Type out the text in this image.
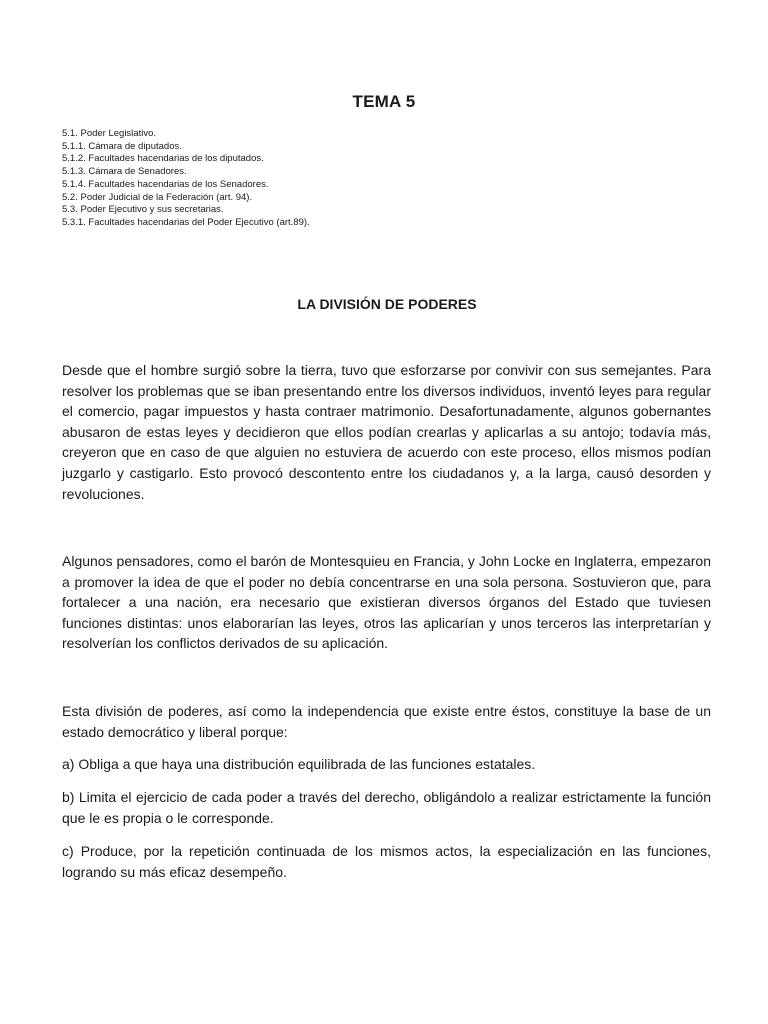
TEMA 5
5.1. Poder Legislativo.
5.1.1. Cámara de diputados.
5.1.2. Facultades hacendarias de los diputados.
5.1.3. Cámara de Senadores.
5.1.4. Facultades hacendarias de los Senadores.
5.2. Poder Judicial de la Federación (art. 94).
5.3. Poder Ejecutivo y sus secretarias.
5.3.1. Facultades hacendarias del Poder Ejecutivo (art.89).
LA DIVISIÓN DE PODERES

Desde que el hombre surgió sobre la tierra, tuvo que esforzarse por convivir con sus semejantes. Para resolver los problemas que se iban presentando entre los diversos individuos, inventó leyes para regular el comercio, pagar impuestos y hasta contraer matrimonio. Desafortunadamente, algunos gobernantes abusaron de estas leyes y decidieron que ellos podían crearlas y aplicarlas a su antojo; todavía más, creyeron que en caso de que alguien no estuviera de acuerdo con este proceso, ellos mismos podían juzgarlo y castigarlo. Esto provocó descontento entre los ciudadanos y, a la larga, causó desorden y revoluciones.

Algunos pensadores, como el barón de Montesquieu en Francia, y John Locke en Inglaterra, empezaron a promover la idea de que el poder no debía concentrarse en una sola persona. Sostuvieron que, para fortalecer a una nación, era necesario que existieran diversos órganos del Estado que tuviesen funciones distintas: unos elaborarían las leyes, otros las aplicarían y unos terceros las interpretarían y resolverían los conflictos derivados de su aplicación.

Esta división de poderes, así como la independencia que existe entre éstos, constituye la base de un estado democrático y liberal porque:

a) Obliga a que haya una distribución equilibrada de las funciones estatales.

b) Limita el ejercicio de cada poder a través del derecho, obligándolo a realizar estrictamente la función que le es propia o le corresponde.

c) Produce, por la repetición continuada de los mismos actos, la especialización en las funciones, logrando su más eficaz desempeño.
